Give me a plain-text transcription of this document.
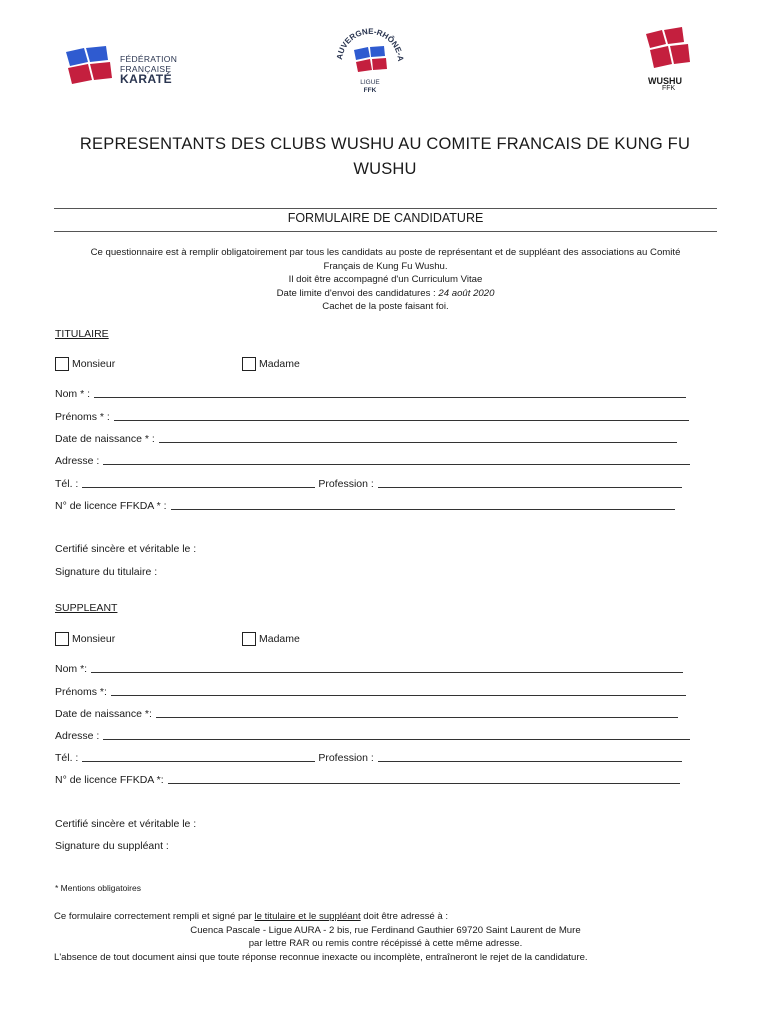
FÉDÉRATION
FRANÇAISE
KARATÉ
AUVERGNE-RHÔNE-A
LIGUE
FFK
WUSHU
FFK
REPRESENTANTS DES CLUBS WUSHU AU COMITE FRANCAIS DE KUNG FU
WUSHU
FORMULAIRE DE CANDIDATURE
Ce questionnaire est à remplir obligatoirement par tous les candidats au poste de représentant et de suppléant des associations au Comité
Français de Kung Fu Wushu.
Il doit être accompagné d'un Curriculum Vitae
Date limite d'envoi des candidatures : 24 août 2020
Cachet de la poste faisant foi.
TITULAIRE
Monsieur	Madame
Nom * :
Prénoms * :
Date de naissance * :
Adresse :
Tél. :	Profession :
N° de licence FFKDA * :
Certifié sincère et véritable le :
Signature du titulaire :
SUPPLEANT
Monsieur	Madame
Nom *:
Prénoms *:
Date de naissance *:
Adresse :
Tél. :	Profession :
N° de licence FFKDA *:
Certifié sincère et véritable le :
Signature du suppléant :
* Mentions obligatoires
Ce formulaire correctement rempli et signé par le titulaire et le suppléant doit être adressé à :
Cuenca Pascale - Ligue AURA - 2 bis, rue Ferdinand Gauthier 69720 Saint Laurent de Mure
par lettre RAR ou remis contre récépissé à cette même adresse.
L'absence de tout document ainsi que toute réponse reconnue inexacte ou incomplète, entraîneront le rejet de la candidature.
